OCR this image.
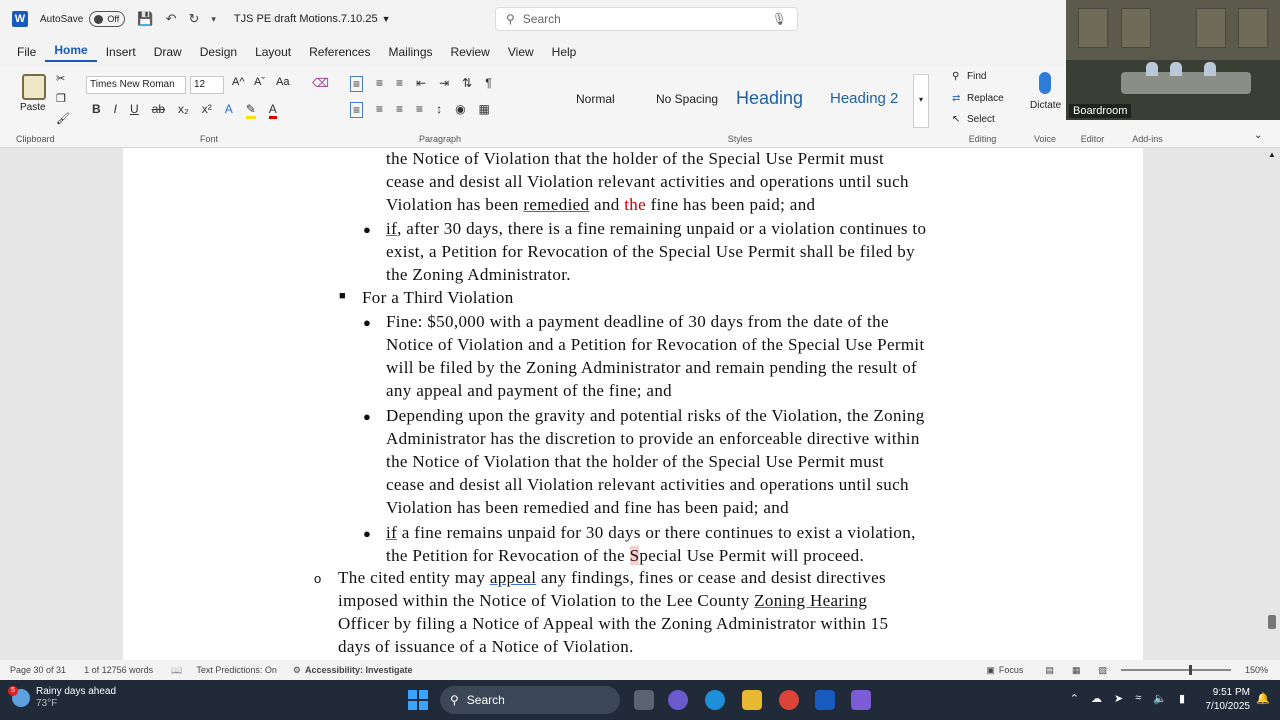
W AutoSave	Off 💾 ↶ ↻ ▾ TJS PE draft Motions.7.10.25 ▼	⚲ Search	🎙
File	Home	Insert	Draw	Design	Layout	References	Mailings	Review	View	Help
Paste
✂
❐
🖌
Clipboard
Times New Roman	12	A^ Aˇ Aa ⌫
B I U ab x₂ x² A ✎ A
Font
≡ ≡ ≡ ⇤ ⇥ ⇅ ¶
≡ ≡ ≡ ≡ ↕ ◉ ▦
Paragraph
Normal	No Spacing Heading Heading 2	▾
Styles
⚲ Find
⇄ Replace
↖ Select
Editing
Dictate
Voice	Editor	Add-ins	⌄
Boardroom
the Notice of Violation that the holder of the Special Use Permit must
cease and desist all Violation relevant activities and operations until such
Violation has been remedied and the fine has been paid; and
● if, after 30 days, there is a fine remaining unpaid or a violation continues to
exist, a Petition for Revocation of the Special Use Permit shall be filed by
the Zoning Administrator.
■ For a Third Violation
● Fine: $50,000 with a payment deadline of 30 days from the date of the
Notice of Violation and a Petition for Revocation of the Special Use Permit
will be filed by the Zoning Administrator and remain pending the result of
any appeal and payment of the fine; and
● Depending upon the gravity and potential risks of the Violation, the Zoning
Administrator has the discretion to provide an enforceable directive within
the Notice of Violation that the holder of the Special Use Permit must
cease and desist all Violation relevant activities and operations until such
Violation has been remedied and fine has been paid; and
● if a fine remains unpaid for 30 days or there continues to exist a violation,
the Petition for Revocation of the Special Use Permit will proceed.
o The cited entity may appeal any findings, fines or cease and desist directives
imposed within the Notice of Violation to the Lee County Zoning Hearing
Officer by filing a Notice of Appeal with the Zoning Administrator within 15
days of issuance of a Notice of Violation.
▲
Page 30 of 31 1 of 12756 words 📖 Text Predictions: On ⚙ Accessibility: Investigate	▣ Focus ▤ ▦ ▧	150%
5	Rainy days ahead
73°F	⚲ Search	⌃ ☁ ➤ ≈ 🔈 ▮
9:51 PM
7/10/2025
🔔
